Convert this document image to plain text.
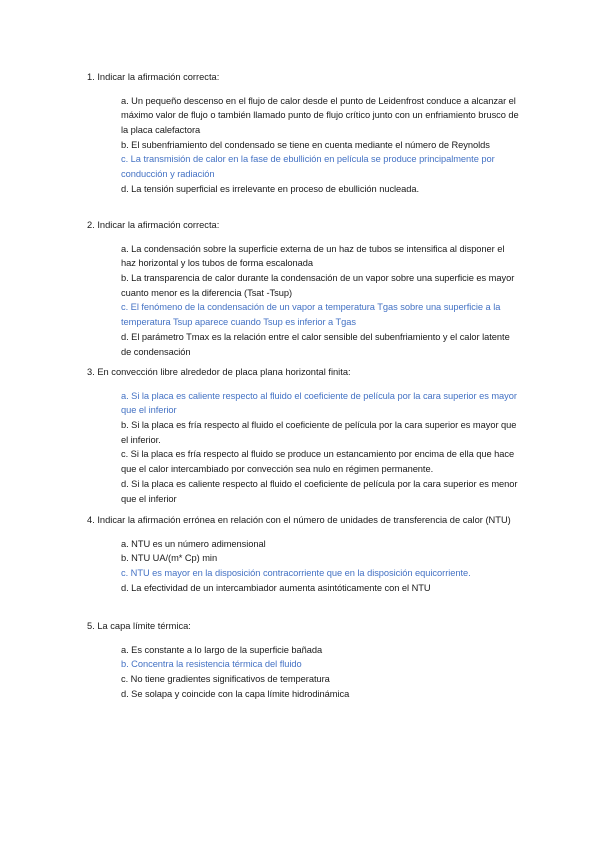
1. Indicar la afirmación correcta:

a. Un pequeño descenso en el flujo de calor desde el punto de Leidenfrost conduce a alcanzar el máximo valor de flujo o también llamado punto de flujo crítico junto con un enfriamiento brusco de la placa calefactora

b. El subenfriamiento del condensado se tiene en cuenta mediante el número de Reynolds

c. La transmisión de calor en la fase de ebullición en película se produce principalmente por conducción y radiación

d. La tensión superficial es irrelevante en proceso de ebullición nucleada.

2. Indicar la afirmación correcta:

a. La condensación sobre la superficie externa de un haz de tubos se intensifica al disponer el haz horizontal y los tubos de forma escalonada

b. La transparencia de calor durante la condensación de un vapor sobre una superficie es mayor cuanto menor es la diferencia (Tsat -Tsup)

c. El fenómeno de la condensación de un vapor a temperatura Tgas sobre una superficie a la temperatura Tsup aparece cuando Tsup es inferior a Tgas

d. El parámetro Tmax es la relación entre el calor sensible del subenfriamiento y el calor latente de condensación

3. En convección libre alrededor de placa plana horizontal finita:

a. Si la placa es caliente respecto al fluido el coeficiente de película por la cara superior es mayor que el inferior

b. Si la placa es fría respecto al fluido el coeficiente de película por la cara superior es mayor que el inferior.

c. Si la placa es fría respecto al fluido se produce un estancamiento por encima de ella que hace que el calor intercambiado por convección sea nulo en régimen permanente.

d. Si la placa es caliente respecto al fluido el coeficiente de película por la cara superior es menor que el inferior

4. Indicar la afirmación errónea en relación con el número de unidades de transferencia de calor (NTU)

a. NTU es un número adimensional

b. NTU UA/(m* Cp) min

c. NTU es mayor en la disposición contracorriente que en la disposición equicorriente.

d. La efectividad de un intercambiador aumenta asintóticamente con el NTU

5. La capa límite térmica:

a. Es constante a lo largo de la superficie bañada

b. Concentra la resistencia térmica del fluido

c. No tiene gradientes significativos de temperatura

d. Se solapa y coincide con la capa límite hidrodinámica
